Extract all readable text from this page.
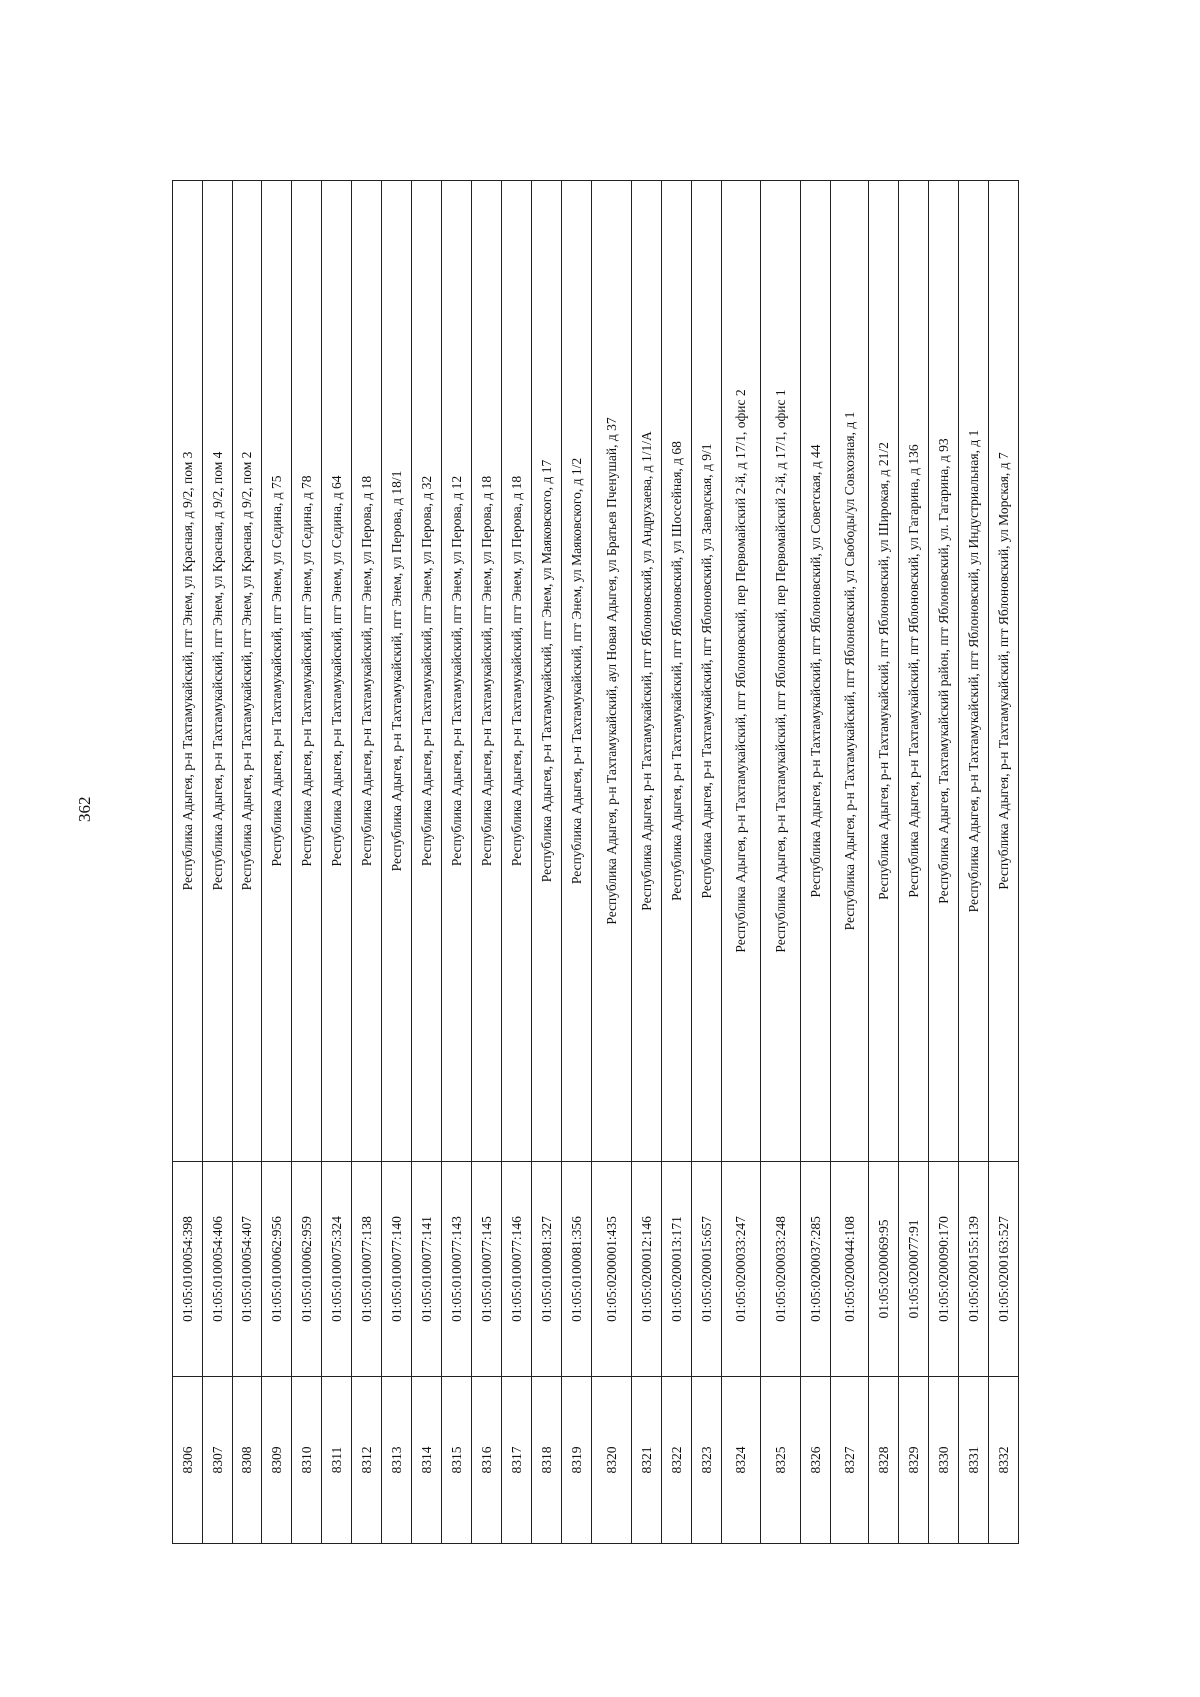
362
8306	01:05:0100054:398	Республика Адыгея, р-н Тахтамукайский, пгт Энем, ул Красная, д 9/2, пом 3
8307	01:05:0100054:406	Республика Адыгея, р-н Тахтамукайский, пгт Энем, ул Красная, д 9/2, пом 4
8308	01:05:0100054:407	Республика Адыгея, р-н Тахтамукайский, пгт Энем, ул Красная, д 9/2, пом 2
8309	01:05:0100062:956	Республика Адыгея, р-н Тахтамукайский, пгт Энем, ул Седина, д 75
8310	01:05:0100062:959	Республика Адыгея, р-н Тахтамукайский, пгт Энем, ул Седина, д 78
8311	01:05:0100075:324	Республика Адыгея, р-н Тахтамукайский, пгт Энем, ул Седина, д 64
8312	01:05:0100077:138	Республика Адыгея, р-н Тахтамукайский, пгт Энем, ул Перова, д 18
8313	01:05:0100077:140	Республика Адыгея, р-н Тахтамукайский, пгт Энем, ул Перова, д 18/1
8314	01:05:0100077:141	Республика Адыгея, р-н Тахтамукайский, пгт Энем, ул Перова, д 32
8315	01:05:0100077:143	Республика Адыгея, р-н Тахтамукайский, пгт Энем, ул Перова, д 12
8316	01:05:0100077:145	Республика Адыгея, р-н Тахтамукайский, пгт Энем, ул Перова, д 18
8317	01:05:0100077:146	Республика Адыгея, р-н Тахтамукайский, пгт Энем, ул Перова, д 18
8318	01:05:0100081:327	Республика Адыгея, р-н Тахтамукайский, пгт Энем, ул Маяковского, д 17
8319	01:05:0100081:356	Республика Адыгея, р-н Тахтамукайский, пгт Энем, ул Маяковского, д 1/2
8320	01:05:0200001:435	Республика Адыгея, р-н Тахтамукайский, аул Новая Адыгея, ул Братьев Пченушай, д 37
8321	01:05:0200012:146	Республика Адыгея, р-н Тахтамукайский, пгт Яблоновский, ул Андрухаева, д 1/1/А
8322	01:05:0200013:171	Республика Адыгея, р-н Тахтамукайский, пгт Яблоновский, ул Шоссейная, д 68
8323	01:05:0200015:657	Республика Адыгея, р-н Тахтамукайский, пгт Яблоновский, ул Заводская, д 9/1
8324	01:05:0200033:247	Республика Адыгея, р-н Тахтамукайский, пгт Яблоновский, пер Первомайский 2-й, д 17/1, офис 2
8325	01:05:0200033:248	Республика Адыгея, р-н Тахтамукайский, пгт Яблоновский, пер Первомайский 2-й, д 17/1, офис 1
8326	01:05:0200037:285	Республика Адыгея, р-н Тахтамукайский, пгт Яблоновский, ул Советская, д 44
8327	01:05:0200044:108	Республика Адыгея, р-н Тахтамукайский, пгт Яблоновский, ул Свободы/ул Совхозная, д 1
8328	01:05:0200069:95	Республика Адыгея, р-н Тахтамукайский, пгт Яблоновский, ул Широкая, д 21/2
8329	01:05:0200077:91	Республика Адыгея, р-н Тахтамукайский, пгт Яблоновский, ул Гагарина, д 136
8330	01:05:0200090:170	Республика Адыгея, Тахтамукайский район, пгт Яблоновский, ул. Гагарина, д 93
8331	01:05:0200155:139	Республика Адыгея, р-н Тахтамукайский, пгт Яблоновский, ул Индустриальная, д 1
8332	01:05:0200163:527	Республика Адыгея, р-н Тахтамукайский, пгт Яблоновский, ул Морская, д 7
